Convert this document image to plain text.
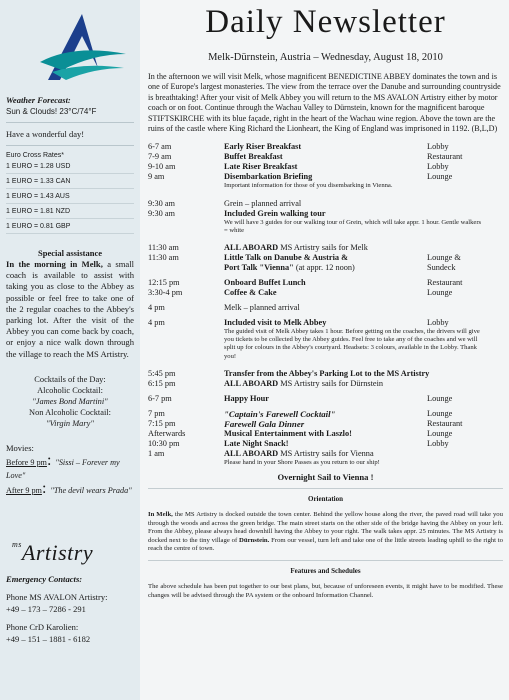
Weather Forecast:
Sun & Clouds! 23°C/74°F
Have a wonderful day!
Euro Cross Rates*
1 EURO = 1.28 USD
1 EURO = 1.33 CAN
1 EURO = 1.43 AUS
1 EURO = 1.81 NZD
1 EURO = 0.81 GBP
Special assistance
In the morning in Melk, a small coach is available to assist with taking you as close to the Abbey as possible or feel free to take one of the 2 regular coaches to the Abbey's parking lot. After the visit of the Abbey you can come back by coach, or enjoy a nice walk down through the village to reach the MS Artistry.
Cocktails of the Day:
Alcoholic Cocktail:
"James Bond Martini"
Non Alcoholic Cocktail:
"Virgin Mary"
Movies:
Before 9 pm: "Sissi – Forever my Love"
After 9 pm: "The devil wears Prada"
$^{ms}$Artistry
Emergency Contacts:
Phone MS AVALON Artistry:
+49 – 173 – 7286 - 291
Phone CrD Karolien:
+49 – 151 – 1881 - 6182
Daily Newsletter
Melk-Dürnstein, Austria – Wednesday, August 18, 2010
In the afternoon we will visit Melk, whose magnificent BENEDICTINE ABBEY dominates the town and is one of Europe's largest monasteries. The view from the terrace over the Danube and surrounding countryside is breathtaking! After your visit of Melk Abbey you will return to the MS AVALON Artistry either by motor coach or on foot. Continue through the Wachau Valley to Dürnstein, known for the magnificent baroque STIFTSKIRCHE with its blue façade, right in the heart of the Wachau wine region. Above the town are the ruins of the castle where King Richard the Lionheart, the King of England was imprisoned in 1192. (B,L,D)
6-7 am	Early Riser Breakfast	Lobby
7-9 am	Buffet Breakfast	Restaurant
9-10 am	Late Riser Breakfast	Lobby
9 am	Disembarkation Briefing	Lounge
Important information for those of you disembarking in Vienna.
9:30 am	Grein – planned arrival
9:30 am	Included Grein walking tour
We will have 3 guides for our walking tour of Grein, which will take appr. 1 hour. Gentle walkers = white
11:30 am	ALL ABOARD MS Artistry sails for Melk
11:30 am	Little Talk on Danube & Austria &	Lounge &
Port Talk "Vienna" (at appr. 12 noon)	Sundeck
12:15 pm	Onboard Buffet Lunch	Restaurant
3:30-4 pm	Coffee & Cake	Lounge
4 pm	Melk – planned arrival
4 pm	Included visit to Melk Abbey	Lobby
The guided visit of Melk Abbey takes 1 hour. Before getting on the coaches, the drivers will give you tickets to be collected by the Abbey guides. Feel free to take any of the coaches and we will split up for colours in the Abbey's courtyard. Headsets: 3 colours, available in the Lobby. Thank you!
5:45 pm	Transfer from the Abbey's Parking Lot to the MS Artistry
6:15 pm	ALL ABOARD MS Artistry sails for Dürnstein
6-7 pm	Happy Hour	Lounge
7 pm	"Captain's Farewell Cocktail"	Lounge
7:15 pm	Farewell Gala Dinner	Restaurant
Afterwards	Musical Entertainment with Laszlo!	Lounge
10:30 pm	Late Night Snack!	Lobby
1 am	ALL ABOARD MS Artistry sails for Vienna
Please hand in your Shore Passes as you return to our ship!
Overnight Sail to Vienna !
Orientation
In Melk, the MS Artistry is docked outside the town center. Behind the yellow house along the river, the paved road will take you through the woods and across the green bridge. The main street starts on the other side of the bridge having the Abbey on your left. From the Abbey, please always head downhill having the Abbey to your right. The walk takes appr. 25 minutes. The MS Artistry is docked next to the tiny village of Dürnstein. From our vessel, turn left and take one of the little streets leading uphill to the right to reach the centre of town.
Features and Schedules
The above schedule has been put together to our best plans, but, because of unforeseen events, it might have to be modified. These changes will be advised through the PA system or the onboard Information Channel.
